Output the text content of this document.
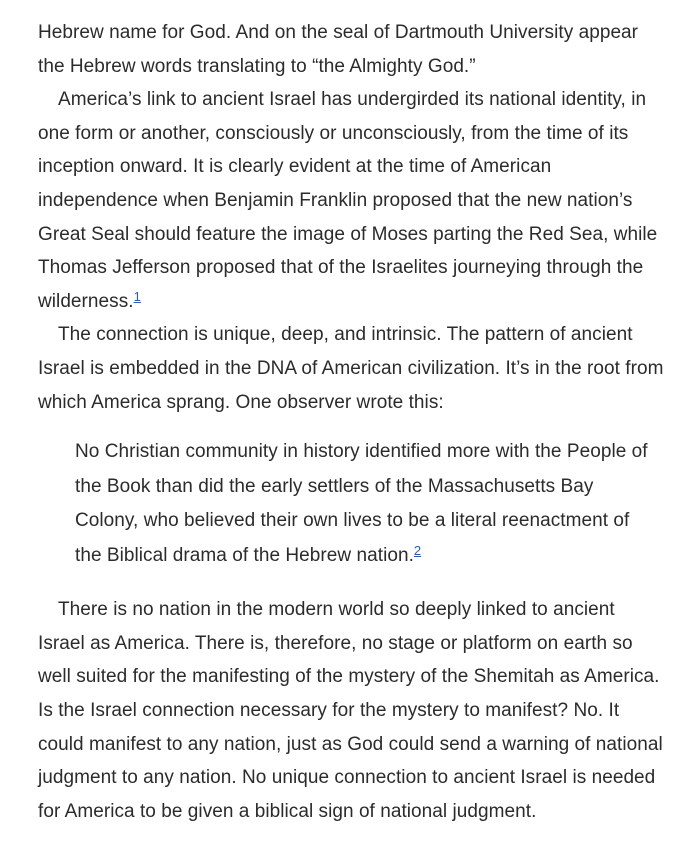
Hebrew name for God. And on the seal of Dartmouth University appear the Hebrew words translating to “the Almighty God.”

America’s link to ancient Israel has undergirded its national identity, in one form or another, consciously or unconsciously, from the time of its inception onward. It is clearly evident at the time of American independence when Benjamin Franklin proposed that the new nation’s Great Seal should feature the image of Moses parting the Red Sea, while Thomas Jefferson proposed that of the Israelites journeying through the wilderness.$^1$

The connection is unique, deep, and intrinsic. The pattern of ancient Israel is embedded in the DNA of American civilization. It’s in the root from which America sprang. One observer wrote this:

No Christian community in history identified more with the People of the Book than did the early settlers of the Massachusetts Bay Colony, who believed their own lives to be a literal reenactment of the Biblical drama of the Hebrew nation.$^2$

There is no nation in the modern world so deeply linked to ancient Israel as America. There is, therefore, no stage or platform on earth so well suited for the manifesting of the mystery of the Shemitah as America. Is the Israel connection necessary for the mystery to manifest? No. It could manifest to any nation, just as God could send a warning of national judgment to any nation. No unique connection to ancient Israel is needed for America to be given a biblical sign of national judgment.
